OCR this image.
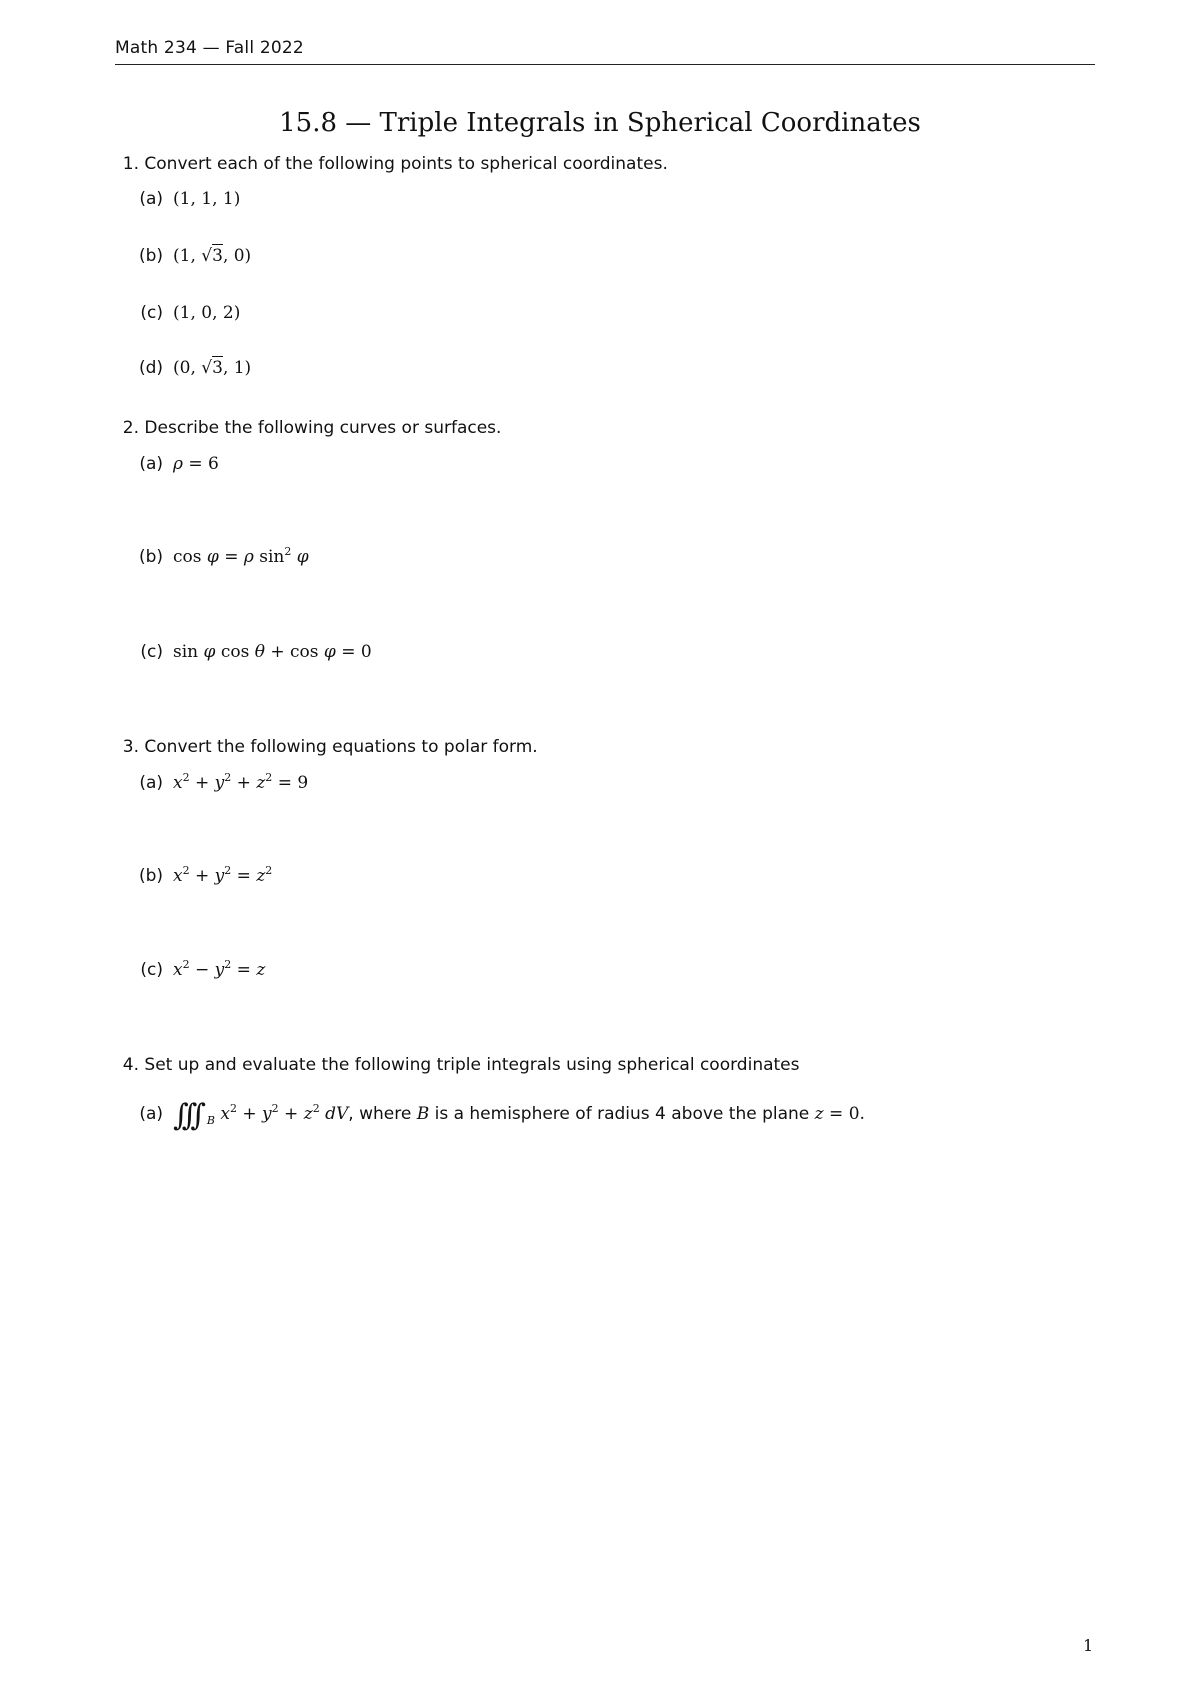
Math 234 — Fall 2022
15.8 — Triple Integrals in Spherical Coordinates
1. Convert each of the following points to spherical coordinates.
(a) (1, 1, 1)
(b) (1, √3, 0)
(c) (1, 0, 2)
(d) (0, √3, 1)
2. Describe the following curves or surfaces.
(a) ρ = 6
(b) cos φ = ρ $\sin^2 \varphi$
(c) sin φ cos θ + cos φ = 0
3. Convert the following equations to polar form.
(a) $x^2 + y^2 + z^2 = 9$
(b) $x^2 + y^2 = z^2$
(c) $x^2 - y^2 = z$
4. Set up and evaluate the following triple integrals using spherical coordinates
(a) ∫∫∫ $_B$ $x^2 + y^2 + z^2$ dV, where B is a hemisphere of radius 4 above the plane z = 0.
1
